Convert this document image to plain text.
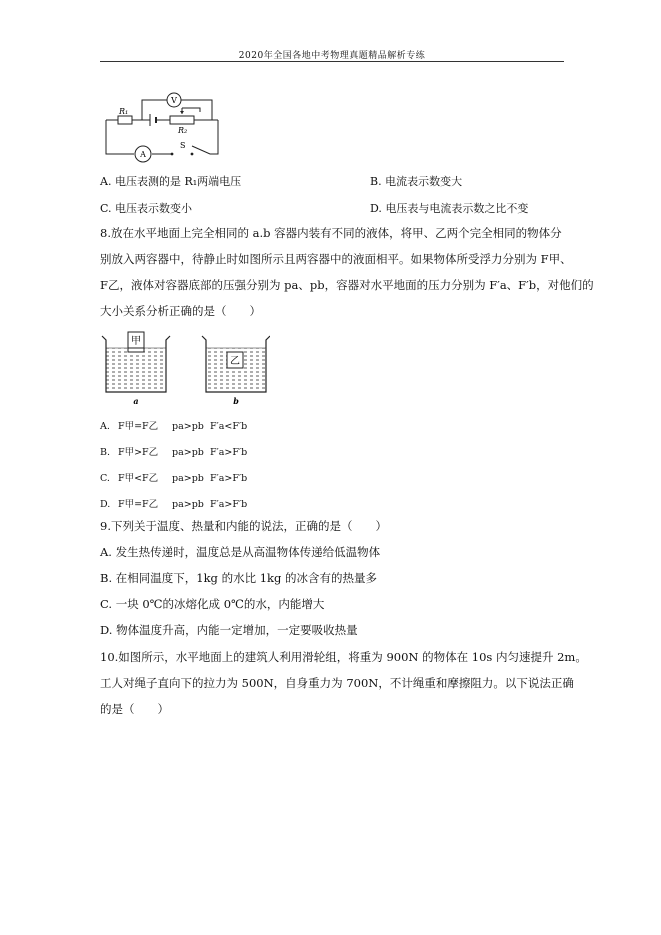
2020年全国各地中考物理真题精品解析专练
R₁
R₂
V
A
S
A. 电压表测的是 R₁两端电压	B. 电流表示数变大
C. 电压表示数变小	D. 电压表与电流表示数之比不变
8.放在水平地面上完全相同的 a.b 容器内装有不同的液体，将甲、乙两个完全相同的物体分
别放入两容器中，待静止时如图所示且两容器中的液面相平。如果物体所受浮力分别为 F甲、
F乙，液体对容器底部的压强分别为 pa、pb，容器对水平地面的压力分别为 F′a、F′b，对他们的
大小关系分析正确的是（　　）
甲
a
乙
b
A. F甲=F乙 pa>pb F′a<F′b
B. F甲>F乙 pa>pb F′a>F′b
C. F甲<F乙 pa>pb F′a>F′b
D. F甲=F乙 pa>pb F′a>F′b
9.下列关于温度、热量和内能的说法，正确的是（　　）
A. 发生热传递时，温度总是从高温物体传递给低温物体
B. 在相同温度下，1kg 的水比 1kg 的冰含有的热量多
C. 一块 0℃的冰熔化成 0℃的水，内能增大
D. 物体温度升高，内能一定增加，一定要吸收热量
10.如图所示，水平地面上的建筑人利用滑轮组，将重为 900N 的物体在 10s 内匀速提升 2m。
工人对绳子直向下的拉力为 500N，自身重力为 700N，不计绳重和摩擦阻力。以下说法正确
的是（　　）
